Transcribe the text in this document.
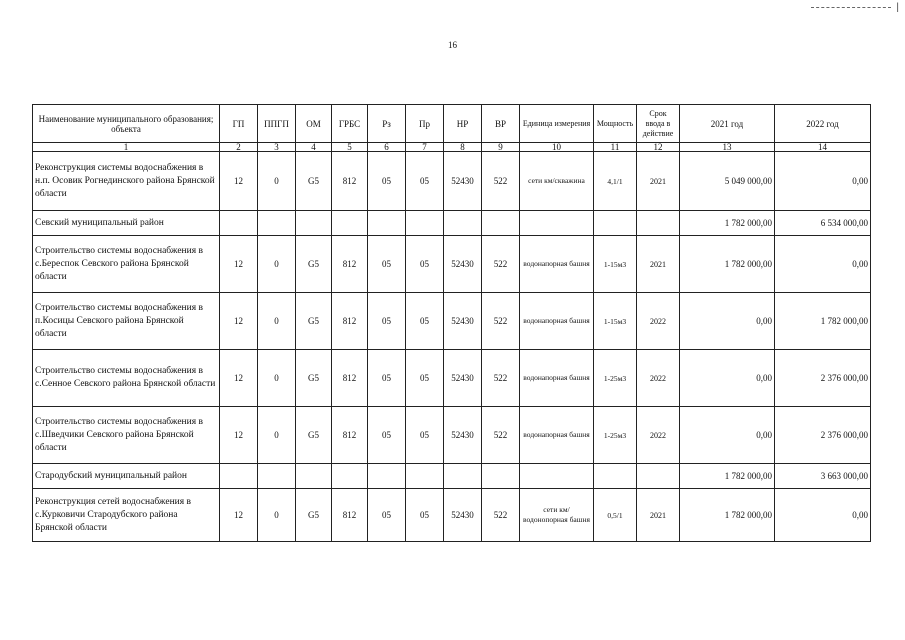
|
16
Наименование муниципального образования; объекта	ГП	ППГП	ОМ	ГРБС	Рз	Пр	НР	ВР	Единица измерения	Мощность	Срок ввода в действие	2021 год	2022 год
1	2	3	4	5	6	7	8	9	10	11	12	13	14
Реконструкция системы водоснабжения в н.п. Осовик Рогнединского района Брянской области	12	0	G5	812	05	05	52430	522	сети км/скважина	4,1/1	2021	5 049 000,00	0,00
Севский муниципальный район												1 782 000,00	6 534 000,00
Строительство системы водоснабжения в с.Береспок Севского района Брянской области	12	0	G5	812	05	05	52430	522	водонапорная башня	1-15м3	2021	1 782 000,00	0,00
Строительство системы водоснабжения в п.Косицы Севского района Брянской области	12	0	G5	812	05	05	52430	522	водонапорная башня	1-15м3	2022	0,00	1 782 000,00
Строительство системы водоснабжения в с.Сенное Севского района Брянской области	12	0	G5	812	05	05	52430	522	водонапорная башня	1-25м3	2022	0,00	2 376 000,00
Строительство системы водоснабжения в с.Шведчики Севского района Брянской области	12	0	G5	812	05	05	52430	522	водонапорная башня	1-25м3	2022	0,00	2 376 000,00
Стародубский муниципальный район												1 782 000,00	3 663 000,00
Реконструкция сетей водоснабжения в с.Курковичи Стародубского района Брянской области	12	0	G5	812	05	05	52430	522	сети км/водонопорная башня	0,5/1	2021	1 782 000,00	0,00
